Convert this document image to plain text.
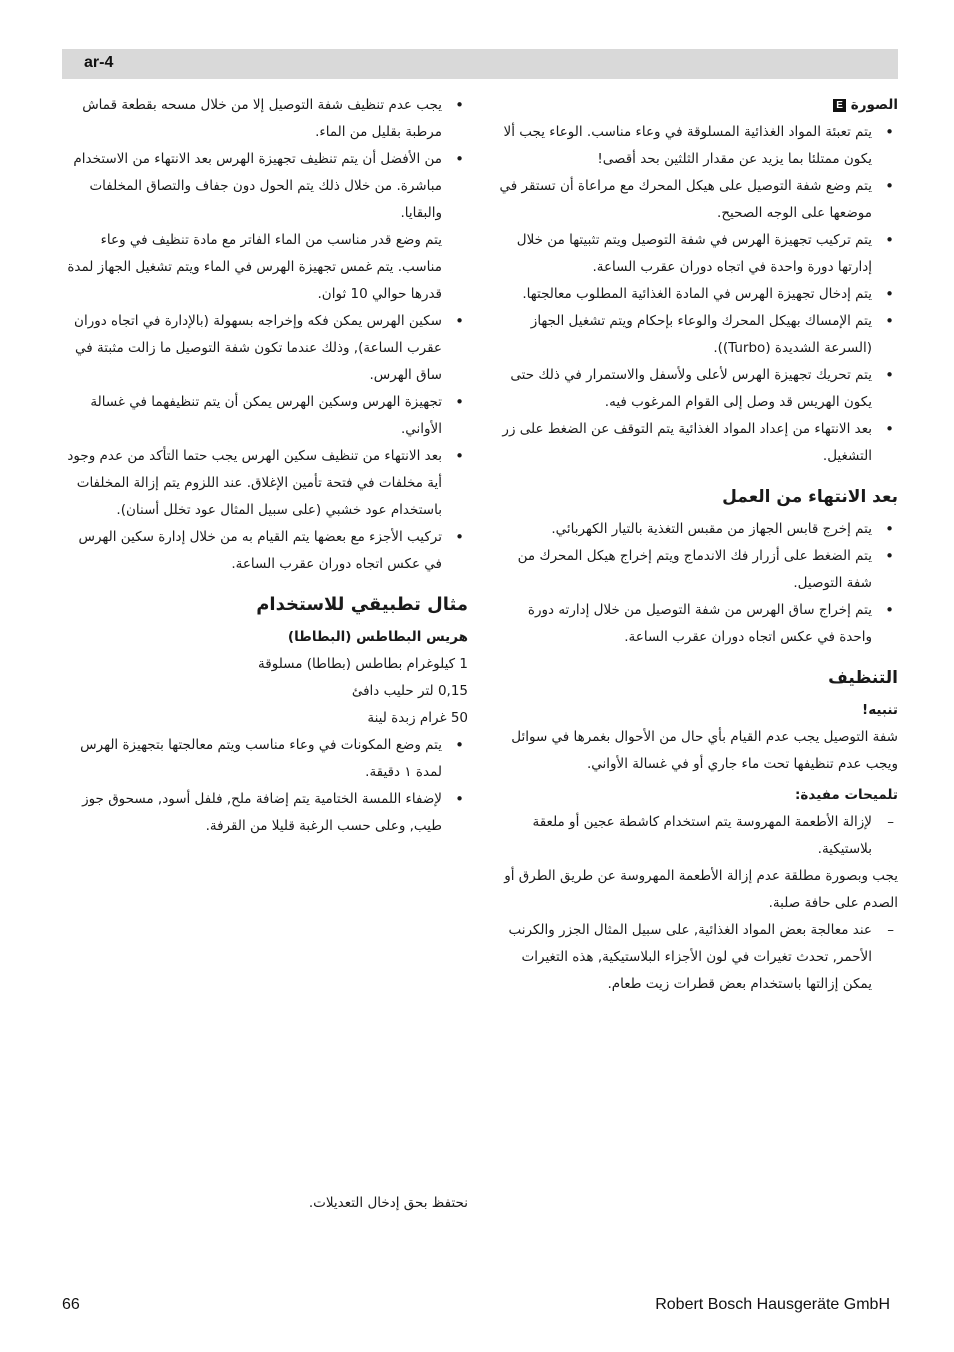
ar-4

الصورة E

• يتم تعبئة المواد الغذائية المسلوقة في وعاء مناسب. الوعاء يجب ألا يكون ممتلئا بما يزيد عن مقدار الثلثين بحد أقصى!
• يتم وضع شفة التوصيل على هيكل المحرك مع مراعاة أن تستقر في موضعها على الوجه الصحيح.
• يتم تركيب تجهيزة الهرس في شفة التوصيل ويتم تثبيتها من خلال إدارتها دورة واحدة في اتجاه دوران عقرب الساعة.
• يتم إدخال تجهيزة الهرس في المادة الغذائية المطلوب معالجتها.
• يتم الإمساك بهيكل المحرك والوعاء بإحكام ويتم تشغيل الجهاز (السرعة الشديدة (Turbo)).
• يتم تحريك تجهيزة الهرس لأعلى ولأسفل والاستمرار في ذلك حتى يكون الهريس قد وصل إلى القوام المرغوب فيه.
• بعد الانتهاء من إعداد المواد الغذائية يتم التوقف عن الضغط على زر التشغيل.

بعد الانتهاء من العمل

• يتم إخرج قابس الجهاز من مقبس التغذية بالتيار الكهربائي.
• يتم الضغط على أزرار فك الاندماج ويتم إخراج هيكل المحرك من شفة التوصيل.
• يتم إخراج ساق الهرس من شفة التوصيل من خلال إدارته دورة واحدة في عكس اتجاه دوران عقرب الساعة.

التنظيف

تنبيه!

شفة التوصيل يجب عدم القيام بأي حال من الأحوال بغمرها في سوائل ويجب عدم تنظيفها تحت ماء جاري أو في غسالة الأواني.

تلميحات مفيدة:

– لإزالة الأطعمة المهروسة يتم استخدام كاشطة عجين أو ملعقة بلاستيكية.

يجب وبصورة مطلقة عدم إزالة الأطعمة المهروسة عن طريق الطرق أو الصدم على حافة صلبة.

– عند معالجة بعض المواد الغذائية, على سبيل المثال الجزر والكرنب الأحمر, تحدث تغيرات في لون الأجزاء البلاستيكية, هذه التغيرات يمكن إزالتها باستخدام بعض قطرات زيت طعام.

• يجب عدم تنظيف شفة التوصيل إلا من خلال مسحه بقطعة قماش مرطبة بقليل من الماء.

• من الأفضل أن يتم تنظيف تجهيزة الهرس بعد الانتهاء من الاستخدام مباشرة. من خلال ذلك يتم الحول دون جفاف والتصاق المخلفات والبقايا.

يتم وضع قدر مناسب من الماء الفاتر مع مادة تنظيف في وعاء مناسب. يتم غمس تجهيزة الهرس في الماء ويتم تشغيل الجهاز لمدة قدرها حوالي 10 ثوان.

• سكين الهرس يمكن فكه وإخراجه بسهولة (بالإدارة في اتجاه دوران عقرب الساعة), وذلك عندما تكون شفة التوصيل ما زالت مثبتة في ساق الهرس.

• تجهيزة الهرس وسكين الهرس يمكن أن يتم تنظيفهما في غسالة الأواني.

• بعد الانتهاء من تنظيف سكين الهرس يجب حتما التأكد من عدم وجود أية مخلفات في فتحة تأمين الإغلاق. عند اللزوم يتم إزالة المخلفات باستخدام عود خشبي (على سبيل المثال عود تخلل أسنان).

• تركيب الأجزء مع بعضها يتم القيام به من خلال إدارة سكين الهرس في عكس اتجاه دوران عقرب الساعة.

مثال تطبيقي للاستخدام

هريس البطاطس (البطاطا)

1 كيلوغرام بطاطس (بطاطا) مسلوقة

0,15 لتر حليب دافئ

50 غرام زبدة لينة

• يتم وضع المكونات في وعاء مناسب ويتم معالجتها بتجهيزة الهرس لمدة ١ دقيقة.

• لإضفاء اللمسة الختامية يتم إضافة ملح, فلفل أسود, مسحوق جوز طيب, وعلى حسب الرغبة قليلا من القرفة.

نحتفظ بحق إدخال التعديلات.
66	Robert Bosch Hausgeräte GmbH
